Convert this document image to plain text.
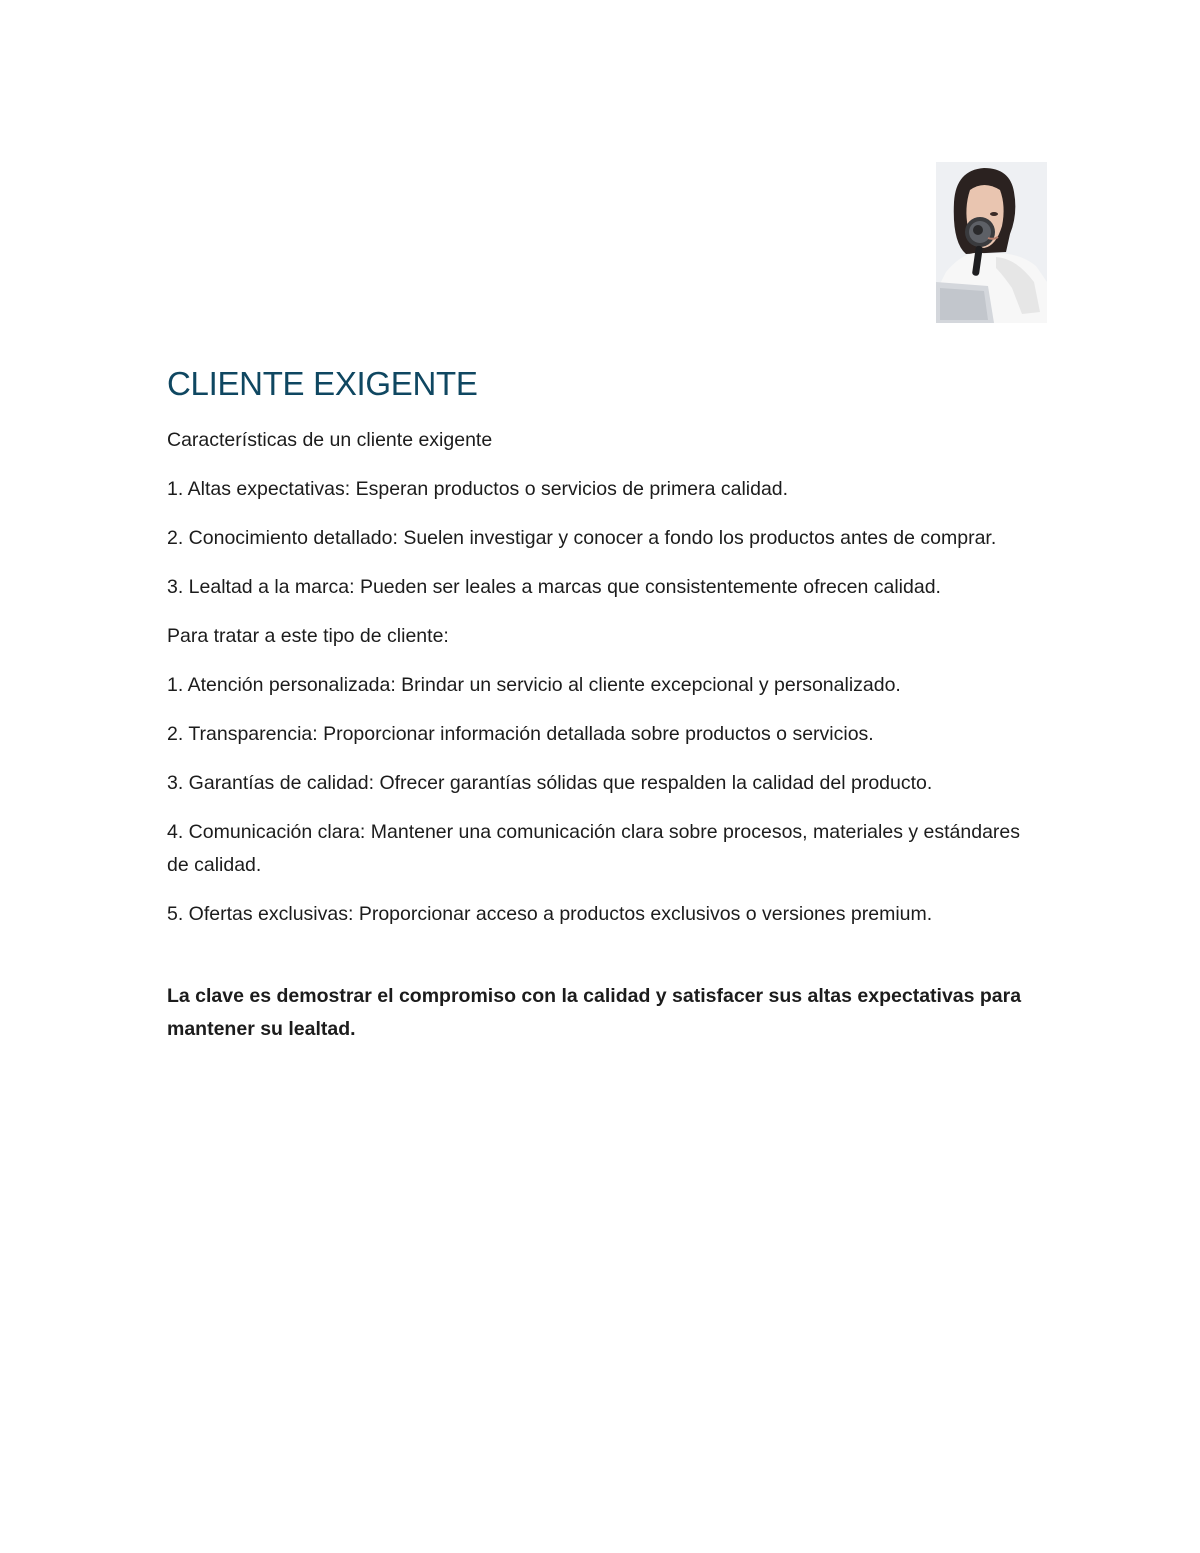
CLIENTE EXIGENTE

Características de un cliente exigente

1. Altas expectativas: Esperan productos o servicios de primera calidad.

2. Conocimiento detallado: Suelen investigar y conocer a fondo los productos antes de comprar.

3. Lealtad a la marca: Pueden ser leales a marcas que consistentemente ofrecen calidad.

Para tratar a este tipo de cliente:

1. Atención personalizada: Brindar un servicio al cliente excepcional y personalizado.

2. Transparencia: Proporcionar información detallada sobre productos o servicios.

3. Garantías de calidad: Ofrecer garantías sólidas que respalden la calidad del producto.

4. Comunicación clara: Mantener una comunicación clara sobre procesos, materiales y estándares de calidad.

5. Ofertas exclusivas: Proporcionar acceso a productos exclusivos o versiones premium.

La clave es demostrar el compromiso con la calidad y satisfacer sus altas expectativas para mantener su lealtad.
